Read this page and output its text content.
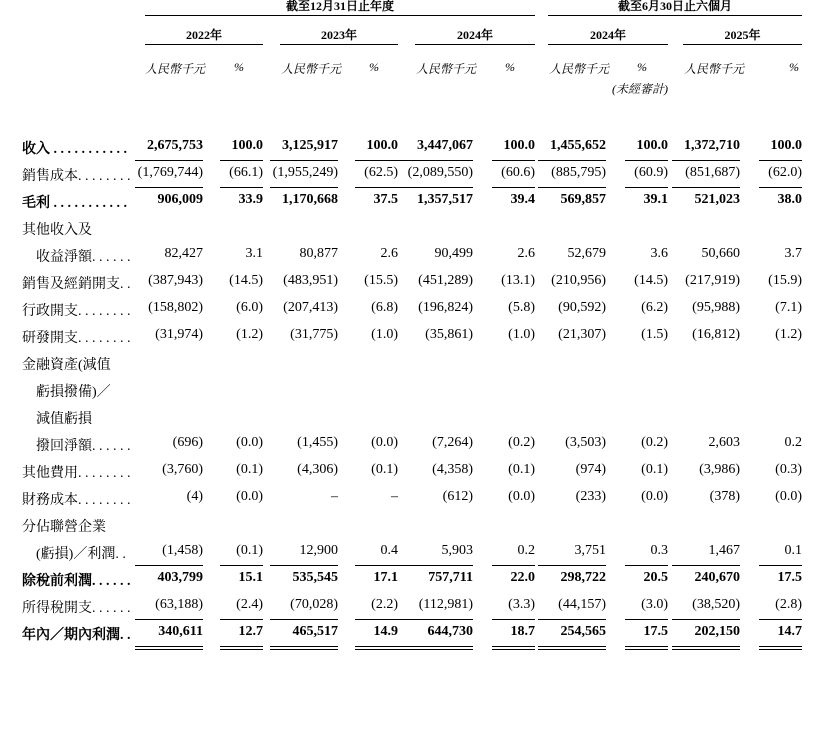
截至12月31日止年度	截至6月30日止六個月
2022年	2023年	2024年	2024年	2025年
人民幣千元	%	人民幣千元	%	人民幣千元	%	人民幣千元	%	人民幣千元	%
(未經審計)
收入 . . . . . . . . . . .	2,675,753	100.0	3,125,917	100.0	3,447,067	100.0	1,455,652	100.0	1,372,710	100.0
銷售成本. . . . . . . . (1,769,744)	(66.1) (1,955,249)	(62.5) (2,089,550)	(60.6)	(885,795)	(60.9)	(851,687)	(62.0)
毛利 . . . . . . . . . . .	906,009	33.9	1,170,668	37.5	1,357,517	39.4	569,857	39.1	521,023	38.0
其他收入及
　收益淨額. . . . . .	82,427	3.1	80,877	2.6	90,499	2.6	52,679	3.6	50,660	3.7
銷售及經銷開支. .	(387,943)	(14.5)	(483,951)	(15.5)	(451,289)	(13.1)	(210,956)	(14.5)	(217,919)	(15.9)
行政開支. . . . . . . .	(158,802)	(6.0)	(207,413)	(6.8)	(196,824)	(5.8)	(90,592)	(6.2)	(95,988)	(7.1)
研發開支. . . . . . . .	(31,974)	(1.2)	(31,775)	(1.0)	(35,861)	(1.0)	(21,307)	(1.5)	(16,812)	(1.2)
金融資產(減值
　虧損撥備)／
　減值虧損
　撥回淨額. . . . . .	(696)	(0.0)	(1,455)	(0.0)	(7,264)	(0.2)	(3,503)	(0.2)	2,603	0.2
其他費用. . . . . . . .	(3,760)	(0.1)	(4,306)	(0.1)	(4,358)	(0.1)	(974)	(0.1)	(3,986)	(0.3)
財務成本. . . . . . . .	(4)	(0.0)	–	–	(612)	(0.0)	(233)	(0.0)	(378)	(0.0)
分佔聯營企業
　(虧損)／利潤. .	(1,458)	(0.1)	12,900	0.4	5,903	0.2	3,751	0.3	1,467	0.1
除稅前利潤. . . . . .	403,799	15.1	535,545	17.1	757,711	22.0	298,722	20.5	240,670	17.5
所得稅開支. . . . . .	(63,188)	(2.4)	(70,028)	(2.2)	(112,981)	(3.3)	(44,157)	(3.0)	(38,520)	(2.8)
年內／期內利潤. .	340,611	12.7	465,517	14.9	644,730	18.7	254,565	17.5	202,150	14.7
